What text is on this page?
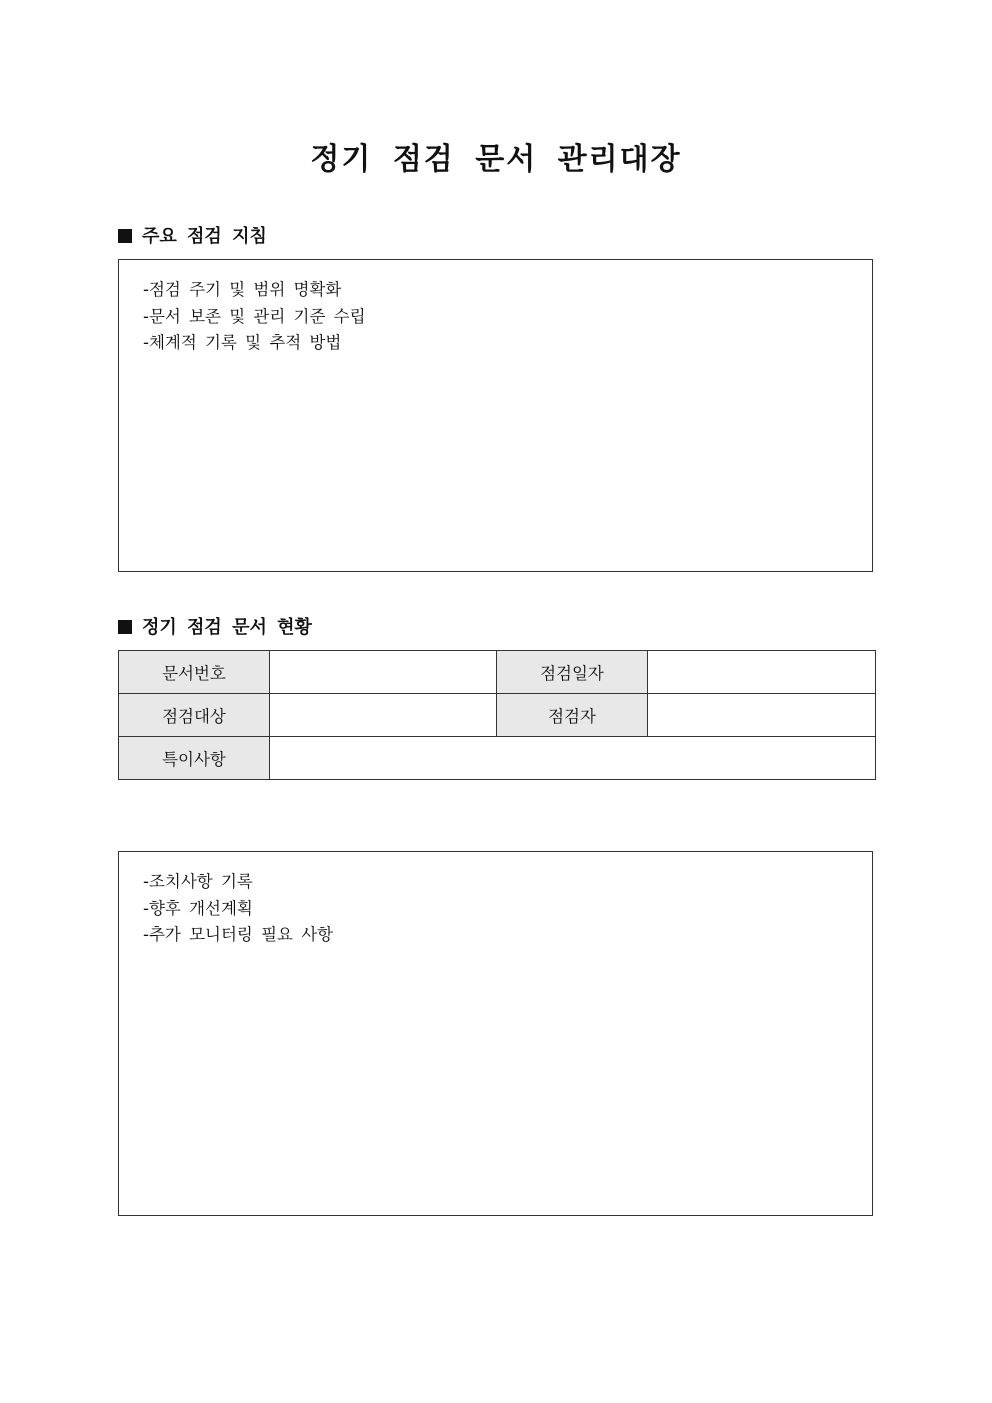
정기 점검 문서 관리대장
주요 점검 지침
-점검 주기 및 범위 명확화
-문서 보존 및 관리 기준 수립
-체계적 기록 및 추적 방법
정기 점검 문서 현황
문서번호		점검일자	
점검대상		점검자	
특이사항			
-조치사항 기록
-향후 개선계획
-추가 모니터링 필요 사항
